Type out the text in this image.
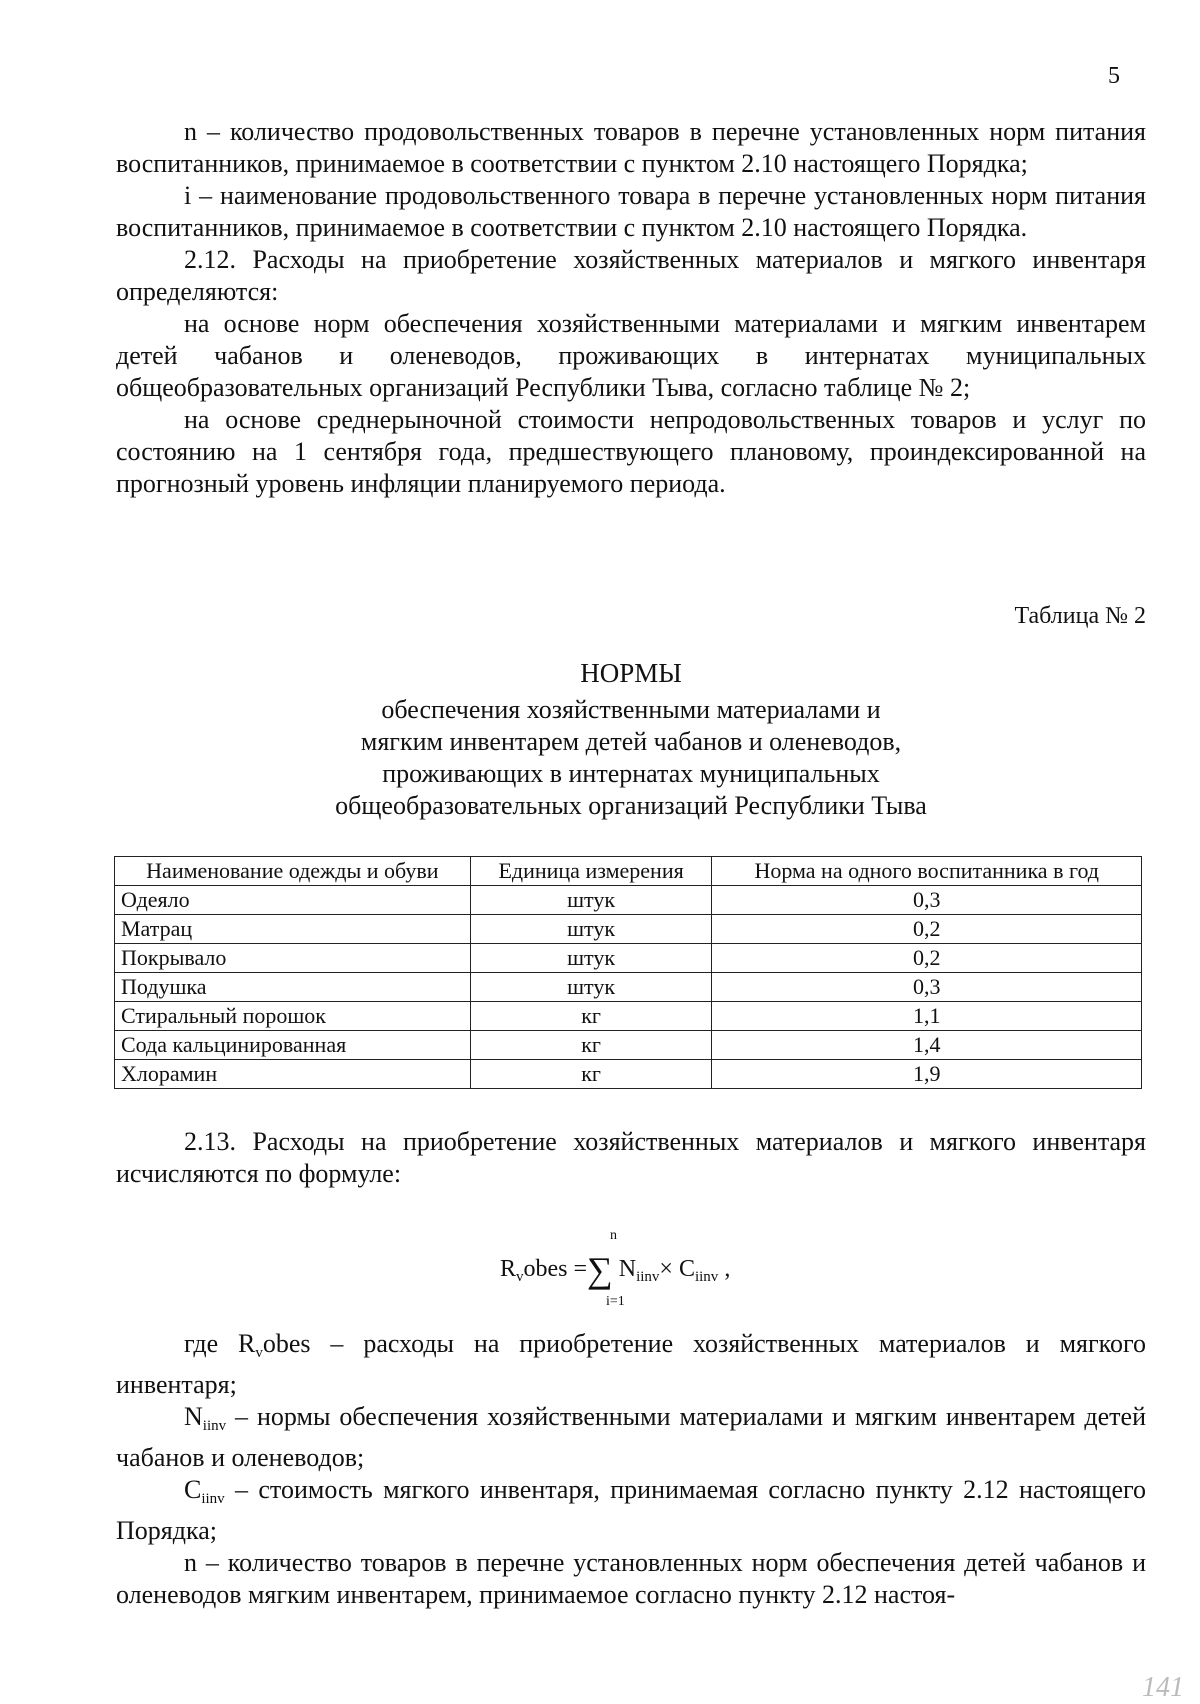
5

n – количество продовольственных товаров в перечне установленных норм питания воспитанников, принимаемое в соответствии с пунктом 2.10 настоящего Порядка;

i – наименование продовольственного товара в перечне установленных норм питания воспитанников, принимаемое в соответствии с пунктом 2.10 настоящего Порядка.

2.12. Расходы на приобретение хозяйственных материалов и мягкого инвентаря определяются:

на основе норм обеспечения хозяйственными материалами и мягким инвентарем детей чабанов и оленеводов, проживающих в интернатах муниципальных общеобразовательных организаций Республики Тыва, согласно таблице № 2;

на основе среднерыночной стоимости непродовольственных товаров и услуг по состоянию на 1 сентября года, предшествующего плановому, проиндексированной на прогнозный уровень инфляции планируемого периода.

Таблица № 2

НОРМЫ

обеспечения хозяйственными материалами и

мягким инвентарем детей чабанов и оленеводов,

проживающих в интернатах муниципальных

общеобразовательных организаций Республики Тыва

Наименование одежды и обуви	Единица измерения	Норма на одного воспитанника в год
Одеяло	штук	0,3
Матрац	штук	0,2
Покрывало	штук	0,2
Подушка	штук	0,3
Стиральный порошок	кг	1,1
Сода кальцинированная	кг	1,4
Хлорамин	кг	1,9

2.13. Расходы на приобретение хозяйственных материалов и мягкого инвентаря исчисляются по формуле:

n
$R_vobes$ =∑ $N_{iinv}\times C_{iinv}$ ,
i=1

где $R_vobes$ – расходы на приобретение хозяйственных материалов и мягкого инвентаря;

$N_{iinv}$ – нормы обеспечения хозяйственными материалами и мягким инвентарем детей чабанов и оленеводов;

$C_{iinv}$ – стоимость мягкого инвентаря, принимаемая согласно пункту 2.12 настоящего Порядка;

n – количество товаров в перечне установленных норм обеспечения детей чабанов и оленеводов мягким инвентарем, принимаемое согласно пункту 2.12 настоя-

141
